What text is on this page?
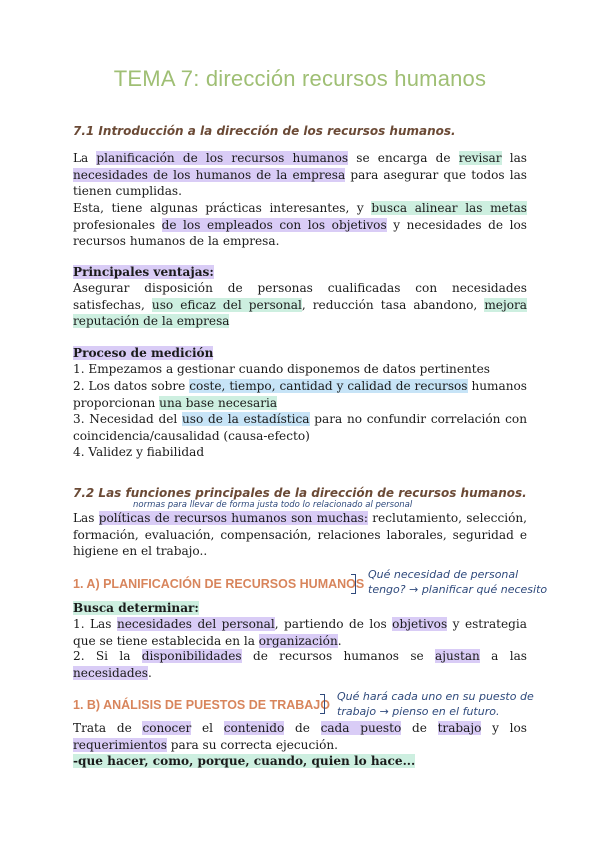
TEMA 7: dirección recursos humanos
7.1 Introducción a la dirección de los recursos humanos.
La planificación de los recursos humanos se encarga de revisar las necesidades de los humanos de la empresa para asegurar que todos las tienen cumplidas.
Esta, tiene algunas prácticas interesantes, y busca alinear las metas profesionales de los empleados con los objetivos y necesidades de los recursos humanos de la empresa.
Principales ventajas:
Asegurar disposición de personas cualificadas con necesidades satisfechas, uso eficaz del personal, reducción tasa abandono, mejora reputación de la empresa
Proceso de medición
1. Empezamos a gestionar cuando disponemos de datos pertinentes
2. Los datos sobre coste, tiempo, cantidad y calidad de recursos humanos proporcionan una base necesaria
3. Necesidad del uso de la estadística para no confundir correlación con coincidencia/causalidad (causa-efecto)
4. Validez y fiabilidad
7.2 Las funciones principales de la dirección de recursos humanos.
normas para llevar de forma justa todo lo relacionado al personal
Las políticas de recursos humanos son muchas: reclutamiento, selección, formación, evaluación, compensación, relaciones laborales, seguridad e higiene en el trabajo..
1. A) PLANIFICACIÓN DE RECURSOS HUMANOS
Qué necesidad de personal
tengo? → planificar qué necesito
Busca determinar:
1. Las necesidades del personal, partiendo de los objetivos y estrategia que se tiene establecida en la organización.
2. Si la disponibilidades de recursos humanos se ajustan a las necesidades.
1. B) ANÁLISIS DE PUESTOS DE TRABAJO
Qué hará cada uno en su puesto de
trabajo → pienso en el futuro.
Trata de conocer el contenido de cada puesto de trabajo y los requerimientos para su correcta ejecución.
-que hacer, como, porque, cuando, quien lo hace...
